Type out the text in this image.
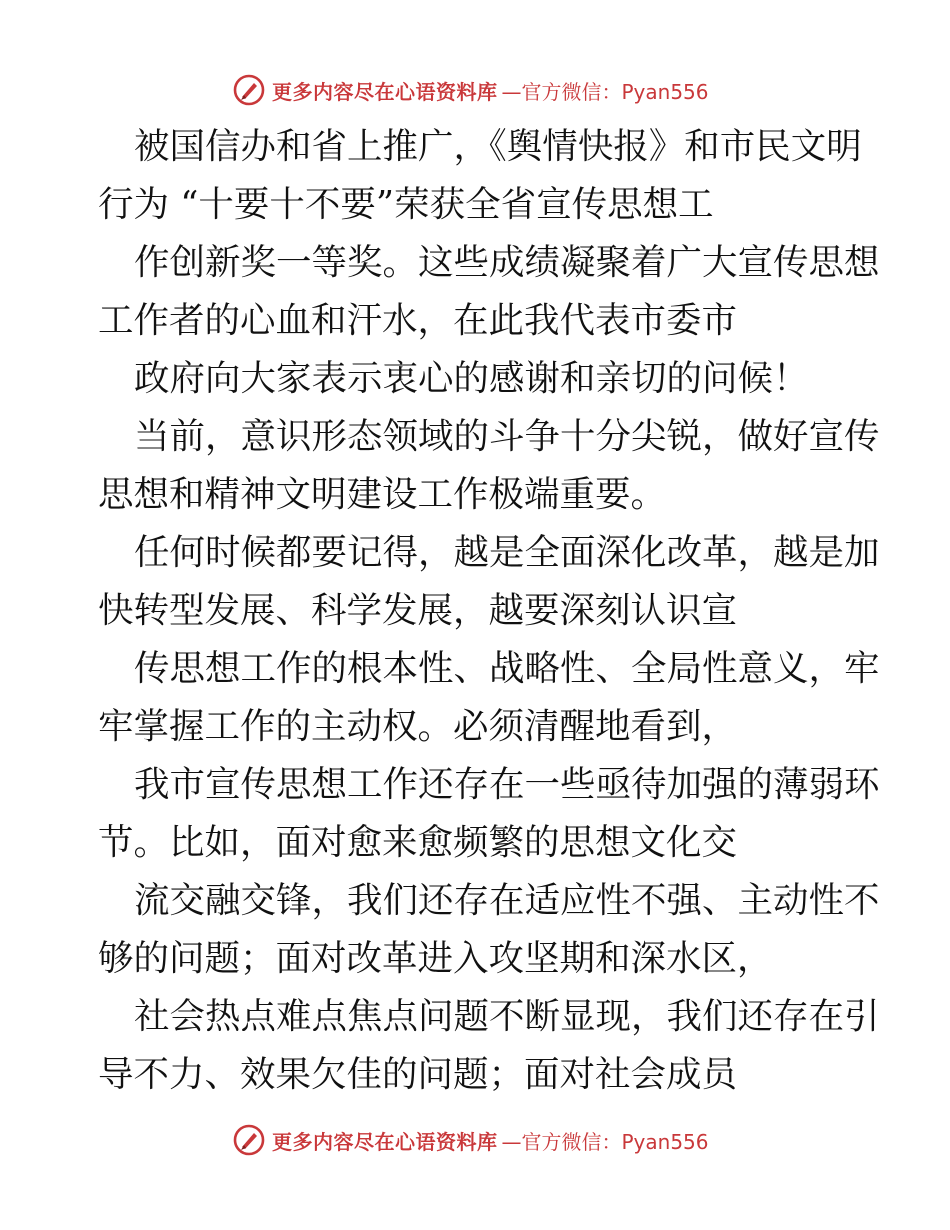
更多内容尽在心语资料库 —官方微信：Pyan556
被国信办和省上推广，《舆情快报》和市民文明
行为 “十要十不要”荣获全省宣传思想工
作创新奖一等奖。这些成绩凝聚着广大宣传思想
工作者的心血和汗水，在此我代表市委市
政府向大家表示衷心的感谢和亲切的问候！
当前，意识形态领域的斗争十分尖锐，做好宣传
思想和精神文明建设工作极端重要。
任何时候都要记得，越是全面深化改革，越是加
快转型发展、科学发展，越要深刻认识宣
传思想工作的根本性、战略性、全局性意义，牢
牢掌握工作的主动权。必须清醒地看到，
我市宣传思想工作还存在一些亟待加强的薄弱环
节。比如，面对愈来愈频繁的思想文化交
流交融交锋，我们还存在适应性不强、主动性不
够的问题；面对改革进入攻坚期和深水区，
社会热点难点焦点问题不断显现，我们还存在引
导不力、效果欠佳的问题；面对社会成员
更多内容尽在心语资料库 —官方微信：Pyan556
